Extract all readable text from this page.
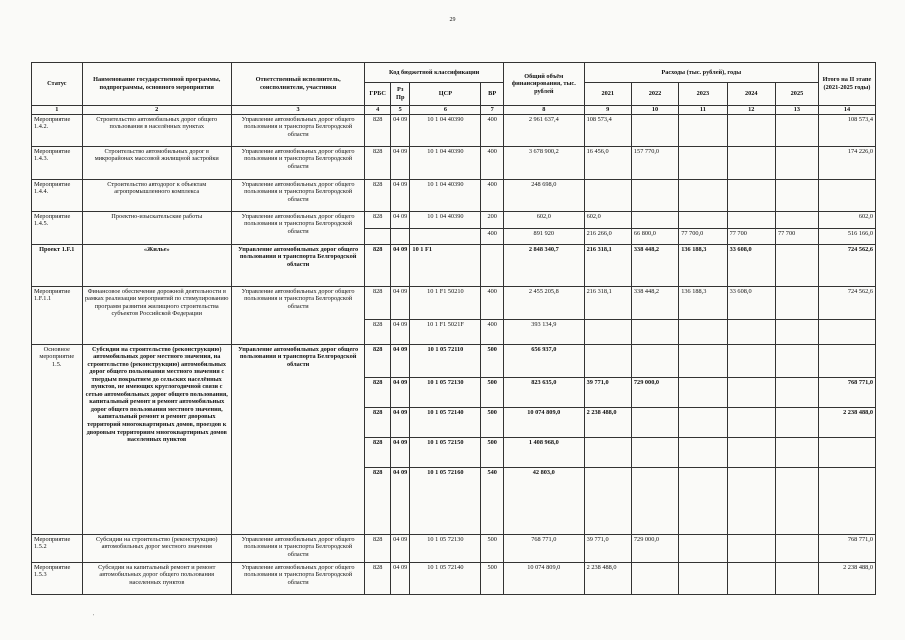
29
Статус	Наименование государственной программы, подпрограммы, основного мероприятия	Ответственный исполнитель, соисполнители, участники	Код бюджетной классификации				Общий объём финансирования, тыс. рублей	Расходы (тыс. рублей), годы					Итого на II этапе (2021-2025 годы)
			ГРБС	Рз Пр	ЦСР	ВР		2021	2022	2023	2024	2025	
1	2	3	4	5	6	7	8	9	10	11	12	13	14
Мероприятие 1.4.2.	Строительство автомобильных дорог общего пользования в населённых пунктах	Управление автомобильных дорог общего пользования и транспорта Белгородской области	828	04 09	10 1 04 40390	400	2 961 637,4	108 573,4					108 573,4
Мероприятие 1.4.3.	Строительство автомобильных дорог в микрорайонах массовой жилищной застройки	Управление автомобильных дорог общего пользования и транспорта Белгородской области	828	04 09	10 1 04 40390	400	3 678 900,2	16 456,0	157 770,0				174 226,0
Мероприятие 1.4.4.	Строительство автодорог к объектам агропромышленного комплекса	Управление автомобильных дорог общего пользования и транспорта Белгородской области	828	04 09	10 1 04 40390	400	248 698,0						
Мероприятие 1.4.5.	Проектно-изыскательские работы	Управление автомобильных дорог общего пользования и транспорта Белгородской области	828	04 09	10 1 04 40390	200	602,0	602,0					602,0
						400	891 920	216 266,0	66 800,0	77 700,0	77 700	77 700	516 166,0
Проект 1.F.1	«Жилье»	Управление автомобильных дорог общего пользования и транспорта Белгородской области	828	04 09	10 1 F1		2 848 340,7	216 318,1	338 448,2	136 188,3	33 608,0		724 562,6
Мероприятие 1.F.1.1	Финансовое обеспечение дорожной деятельности в рамках реализации мероприятий по стимулированию программ развития жилищного строительства субъектов Российской Федерации	Управление автомобильных дорог общего пользования и транспорта Белгородской области	828	04 09	10 1 F1 50210	400	2 455 205,8	216 318,1	338 448,2	136 188,3	33 608,0		724 562,6
			828	04 09	10 1 F1 5021F	400	393 134,9						
Основное мероприятие 1.5.	Субсидии на строительство (реконструкцию) автомобильных дорог местного значения, на строительство (реконструкцию) автомобильных дорог общего пользования местного значения с твердым покрытием до сельских населённых пунктов, не имеющих круглогодичной связи с сетью автомобильных дорог общего пользования, капитальный ремонт и ремонт автомобильных дорог общего пользования местного значения, капитальный ремонт и ремонт дворовых территорий многоквартирных домов, проездов к дворовым территориям многоквартирных домов населенных пунктов	Управление автомобильных дорог общего пользования и транспорта Белгородской области	828	04 09	10 1 05 72110	500	656 937,0						
			828	04 09	10 1 05 72130	500	823 635,0	39 771,0	729 000,0				768 771,0
			828	04 09	10 1 05 72140	500	10 074 809,0	2 238 488,0					2 238 488,0
			828	04 09	10 1 05 72150	500	1 408 968,0						
			828	04 09	10 1 05 72160	540	42 803,0						
Мероприятие 1.5.2	Субсидии на строительство (реконструкцию) автомобильных дорог местного значения	Управление автомобильных дорог общего пользования и транспорта Белгородской области	828	04 09	10 1 05 72130	500	768 771,0	39 771,0	729 000,0				768 771,0
Мероприятие 1.5.3	Субсидии на капитальный ремонт и ремонт автомобильных дорог общего пользования населенных пунктов	Управление автомобильных дорог общего пользования и транспорта Белгородской области	828	04 09	10 1 05 72140	500	10 074 809,0	2 238 488,0					2 238 488,0
'
